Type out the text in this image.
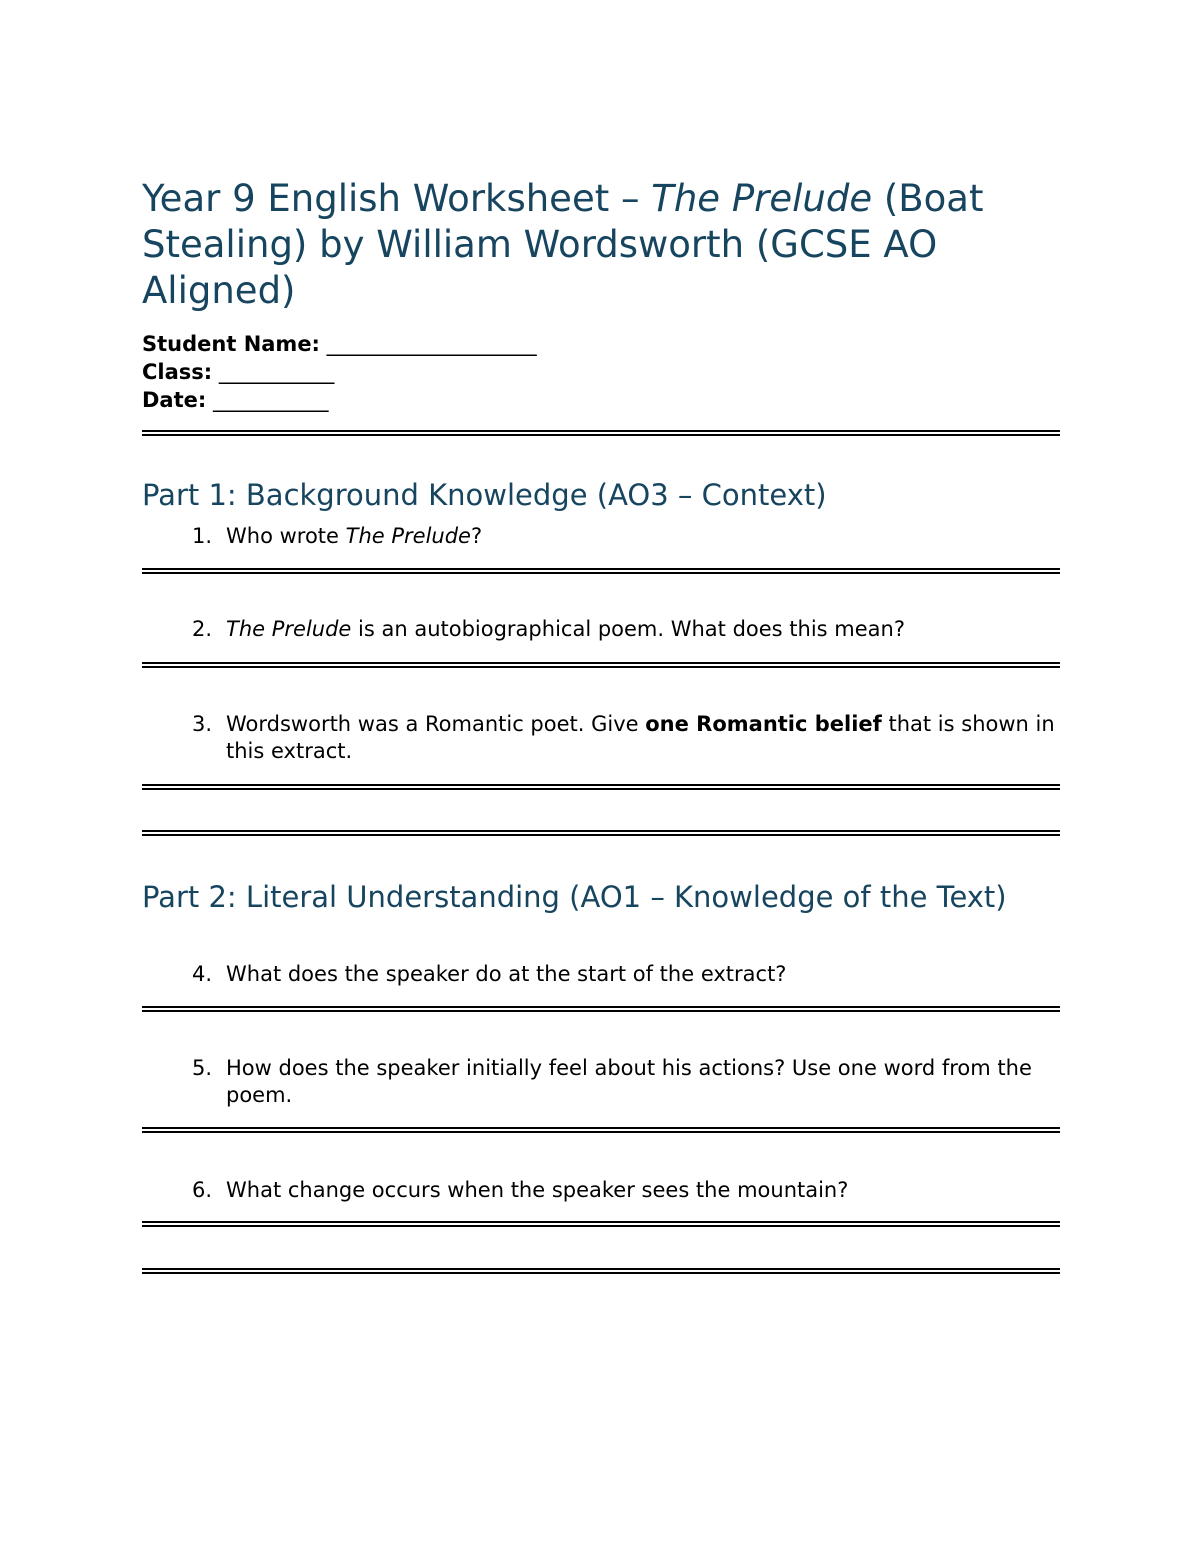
Year 9 English Worksheet – The Prelude (Boat Stealing) by William Wordsworth (GCSE AO Aligned)
Student Name: ____________________
Class: ___________
Date: ___________
Part 1: Background Knowledge (AO3 – Context)
1. Who wrote The Prelude?
2. The Prelude is an autobiographical poem. What does this mean?
3. Wordsworth was a Romantic poet. Give one Romantic belief that is shown in this extract.
Part 2: Literal Understanding (AO1 – Knowledge of the Text)
4. What does the speaker do at the start of the extract?
5. How does the speaker initially feel about his actions? Use one word from the poem.
6. What change occurs when the speaker sees the mountain?
